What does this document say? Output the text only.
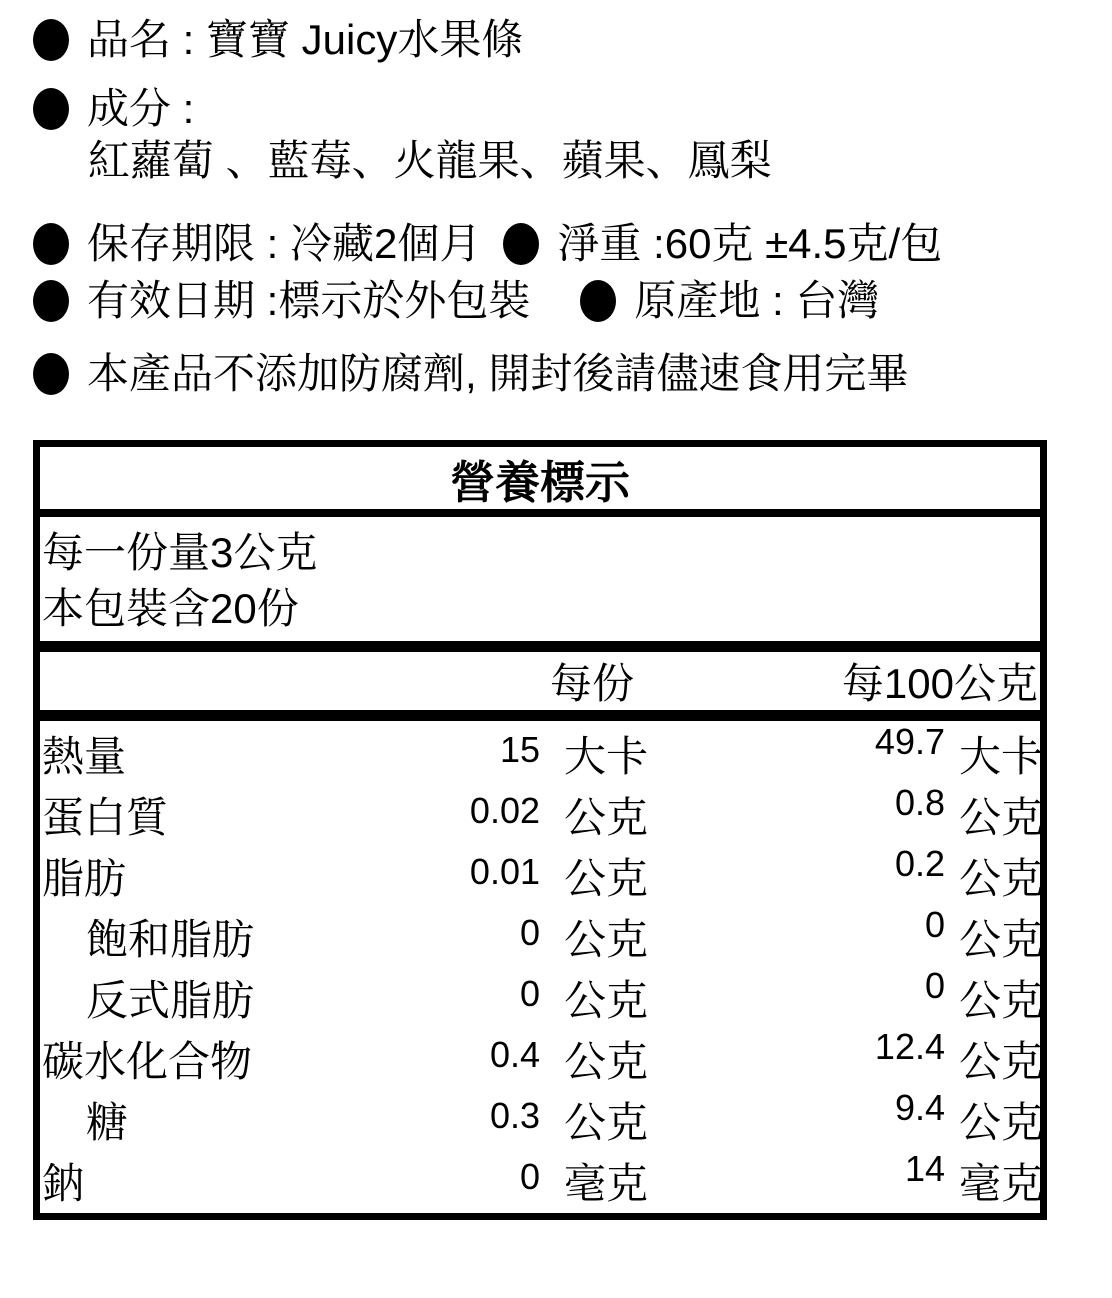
品名 : 寶寶 Juicy水果條
成分 :
紅蘿蔔 、藍莓、火龍果、蘋果、鳳梨
保存期限 : 冷藏2個月 淨重 :60克 ±4.5克/包
有效日期 :標示於外包裝 原產地 : 台灣
本產品不添加防腐劑, 開封後請儘速食用完畢
營養標示
每一份量3公克
本包裝含20份
每份	每100公克
熱量	15 大卡	49.7 大卡
蛋白質	0.02 公克	0.8 公克
脂肪	0.01 公克	0.2 公克
飽和脂肪	0 公克	0 公克
反式脂肪	0 公克	0 公克
碳水化合物	0.4 公克	12.4 公克
糖	0.3 公克	9.4 公克
鈉	0 毫克	14 毫克
